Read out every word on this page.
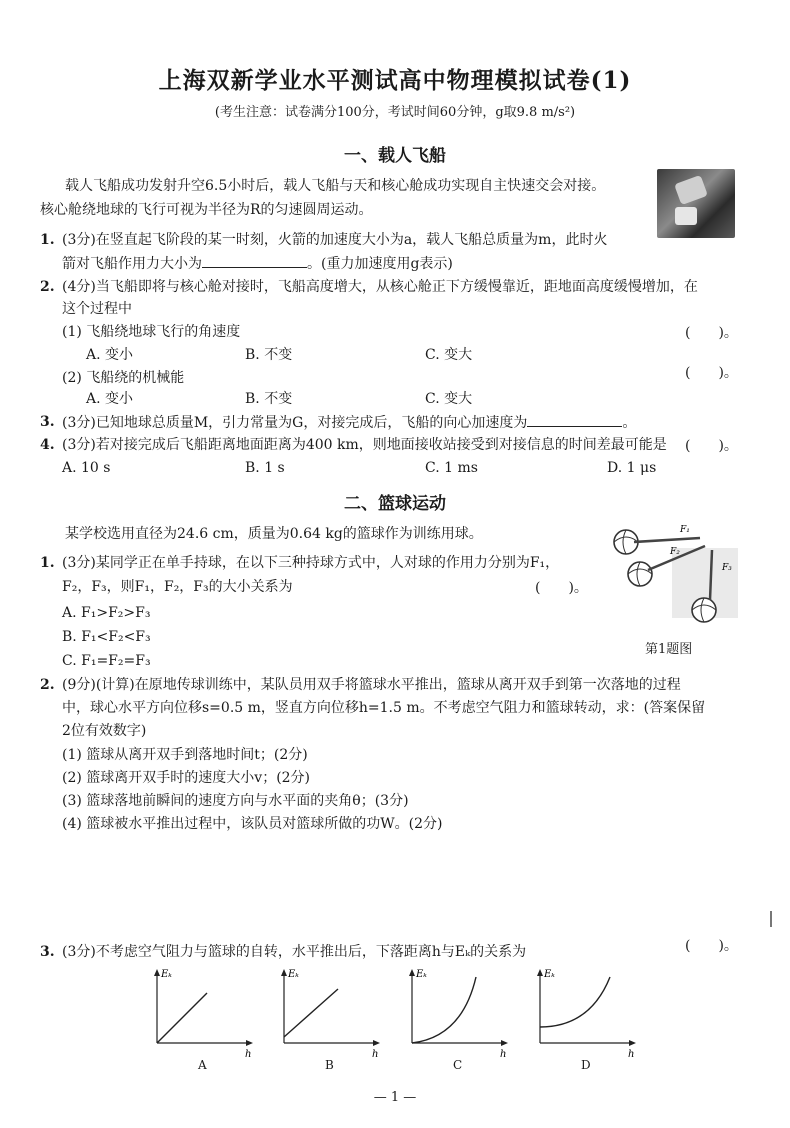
上海双新学业水平测试高中物理模拟试卷(1)
(考生注意：试卷满分100分，考试时间60分钟，g取9.8 m/s²)
一、载人飞船
载人飞船成功发射升空6.5小时后，载人飞船与天和核心舱成功实现自主快速交会对接。
核心舱绕地球的飞行可视为半径为R的匀速圆周运动。
1. (3分)在竖直起飞阶段的某一时刻，火箭的加速度大小为a，载人飞船总质量为m，此时火
箭对飞船作用力大小为	。(重力加速度用g表示)
2. (4分)当飞船即将与核心舱对接时，飞船高度增大，从核心舱正下方缓慢靠近，距地面高度缓慢增加，在
这个过程中
(1) 飞船绕地球飞行的角速度	(　　)。
A. 变小	B. 不变	C. 变大
(2) 飞船绕的机械能	(　　)。
A. 变小	B. 不变	C. 变大
3. (3分)已知地球总质量M，引力常量为G，对接完成后，飞船的向心加速度为	。
4. (3分)若对接完成后飞船距离地面距离为400 km，则地面接收站接受到对接信息的时间差最可能是 (　　)。
A. 10 s	B. 1 s	C. 1 ms	D. 1 μs
二、篮球运动
某学校选用直径为24.6 cm，质量为0.64 kg的篮球作为训练用球。	F₁
F₂
F₃
第1题图
1. (3分)某同学正在单手持球，在以下三种持球方式中，人对球的作用力分别为F₁，
F₂，F₃，则F₁，F₂，F₃的大小关系为	(　　)。
A. F₁>F₂>F₃
B. F₁<F₂<F₃
C. F₁=F₂=F₃
2. (9分)(计算)在原地传球训练中，某队员用双手将篮球水平推出，篮球从离开双手到第一次落地的过程
中，球心水平方向位移s=0.5 m，竖直方向位移h=1.5 m。不考虑空气阻力和篮球转动，求：(答案保留
2位有效数字)
(1) 篮球从离开双手到落地时间t；(2分)
(2) 篮球离开双手时的速度大小v；(2分)
(3) 篮球落地前瞬间的速度方向与水平面的夹角θ；(3分)
(4) 篮球被水平推出过程中，该队员对篮球所做的功W。(2分)
3. (3分)不考虑空气阻力与篮球的自转，水平推出后，下落距离h与Eₖ的关系为	(　　)。
Eₖ
h
A
Eₖ
h
B
Eₖ
h
C
Eₖ
h
D
— 1 —
